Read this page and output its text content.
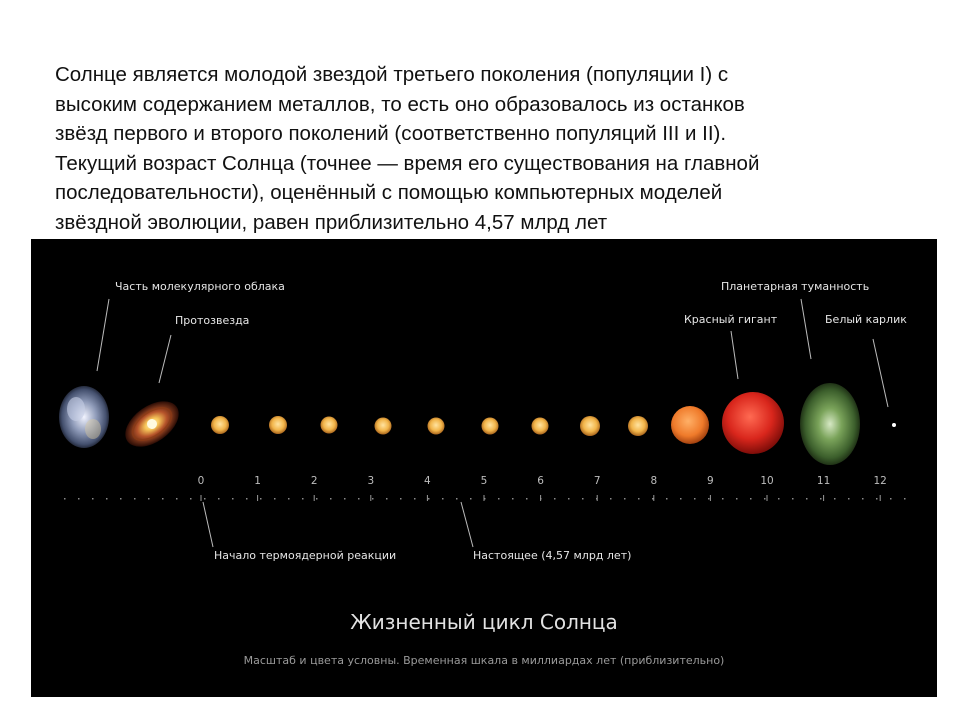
Солнце является молодой звездой третьего поколения (популяции I) с
высоким содержанием металлов, то есть оно образовалось из останков
звёзд первого и второго поколений (соответственно популяций III и II).
Текущий возраст Солнца (точнее — время его существования на главной
последовательности), оценённый с помощью компьютерных моделей
звёздной эволюции, равен приблизительно 4,57 млрд лет
Часть молекулярного облака
Протозвезда	Красный гигант
Планетарная туманность
Белый карлик
0	1	2	3	4	5	6	7	8	9	10	11	12
Начало термоядерной реакции	Настоящее (4,57 млрд лет)
Жизненный цикл Солнца
Масштаб и цвета условны. Временная шкала в миллиардах лет (приблизительно)
